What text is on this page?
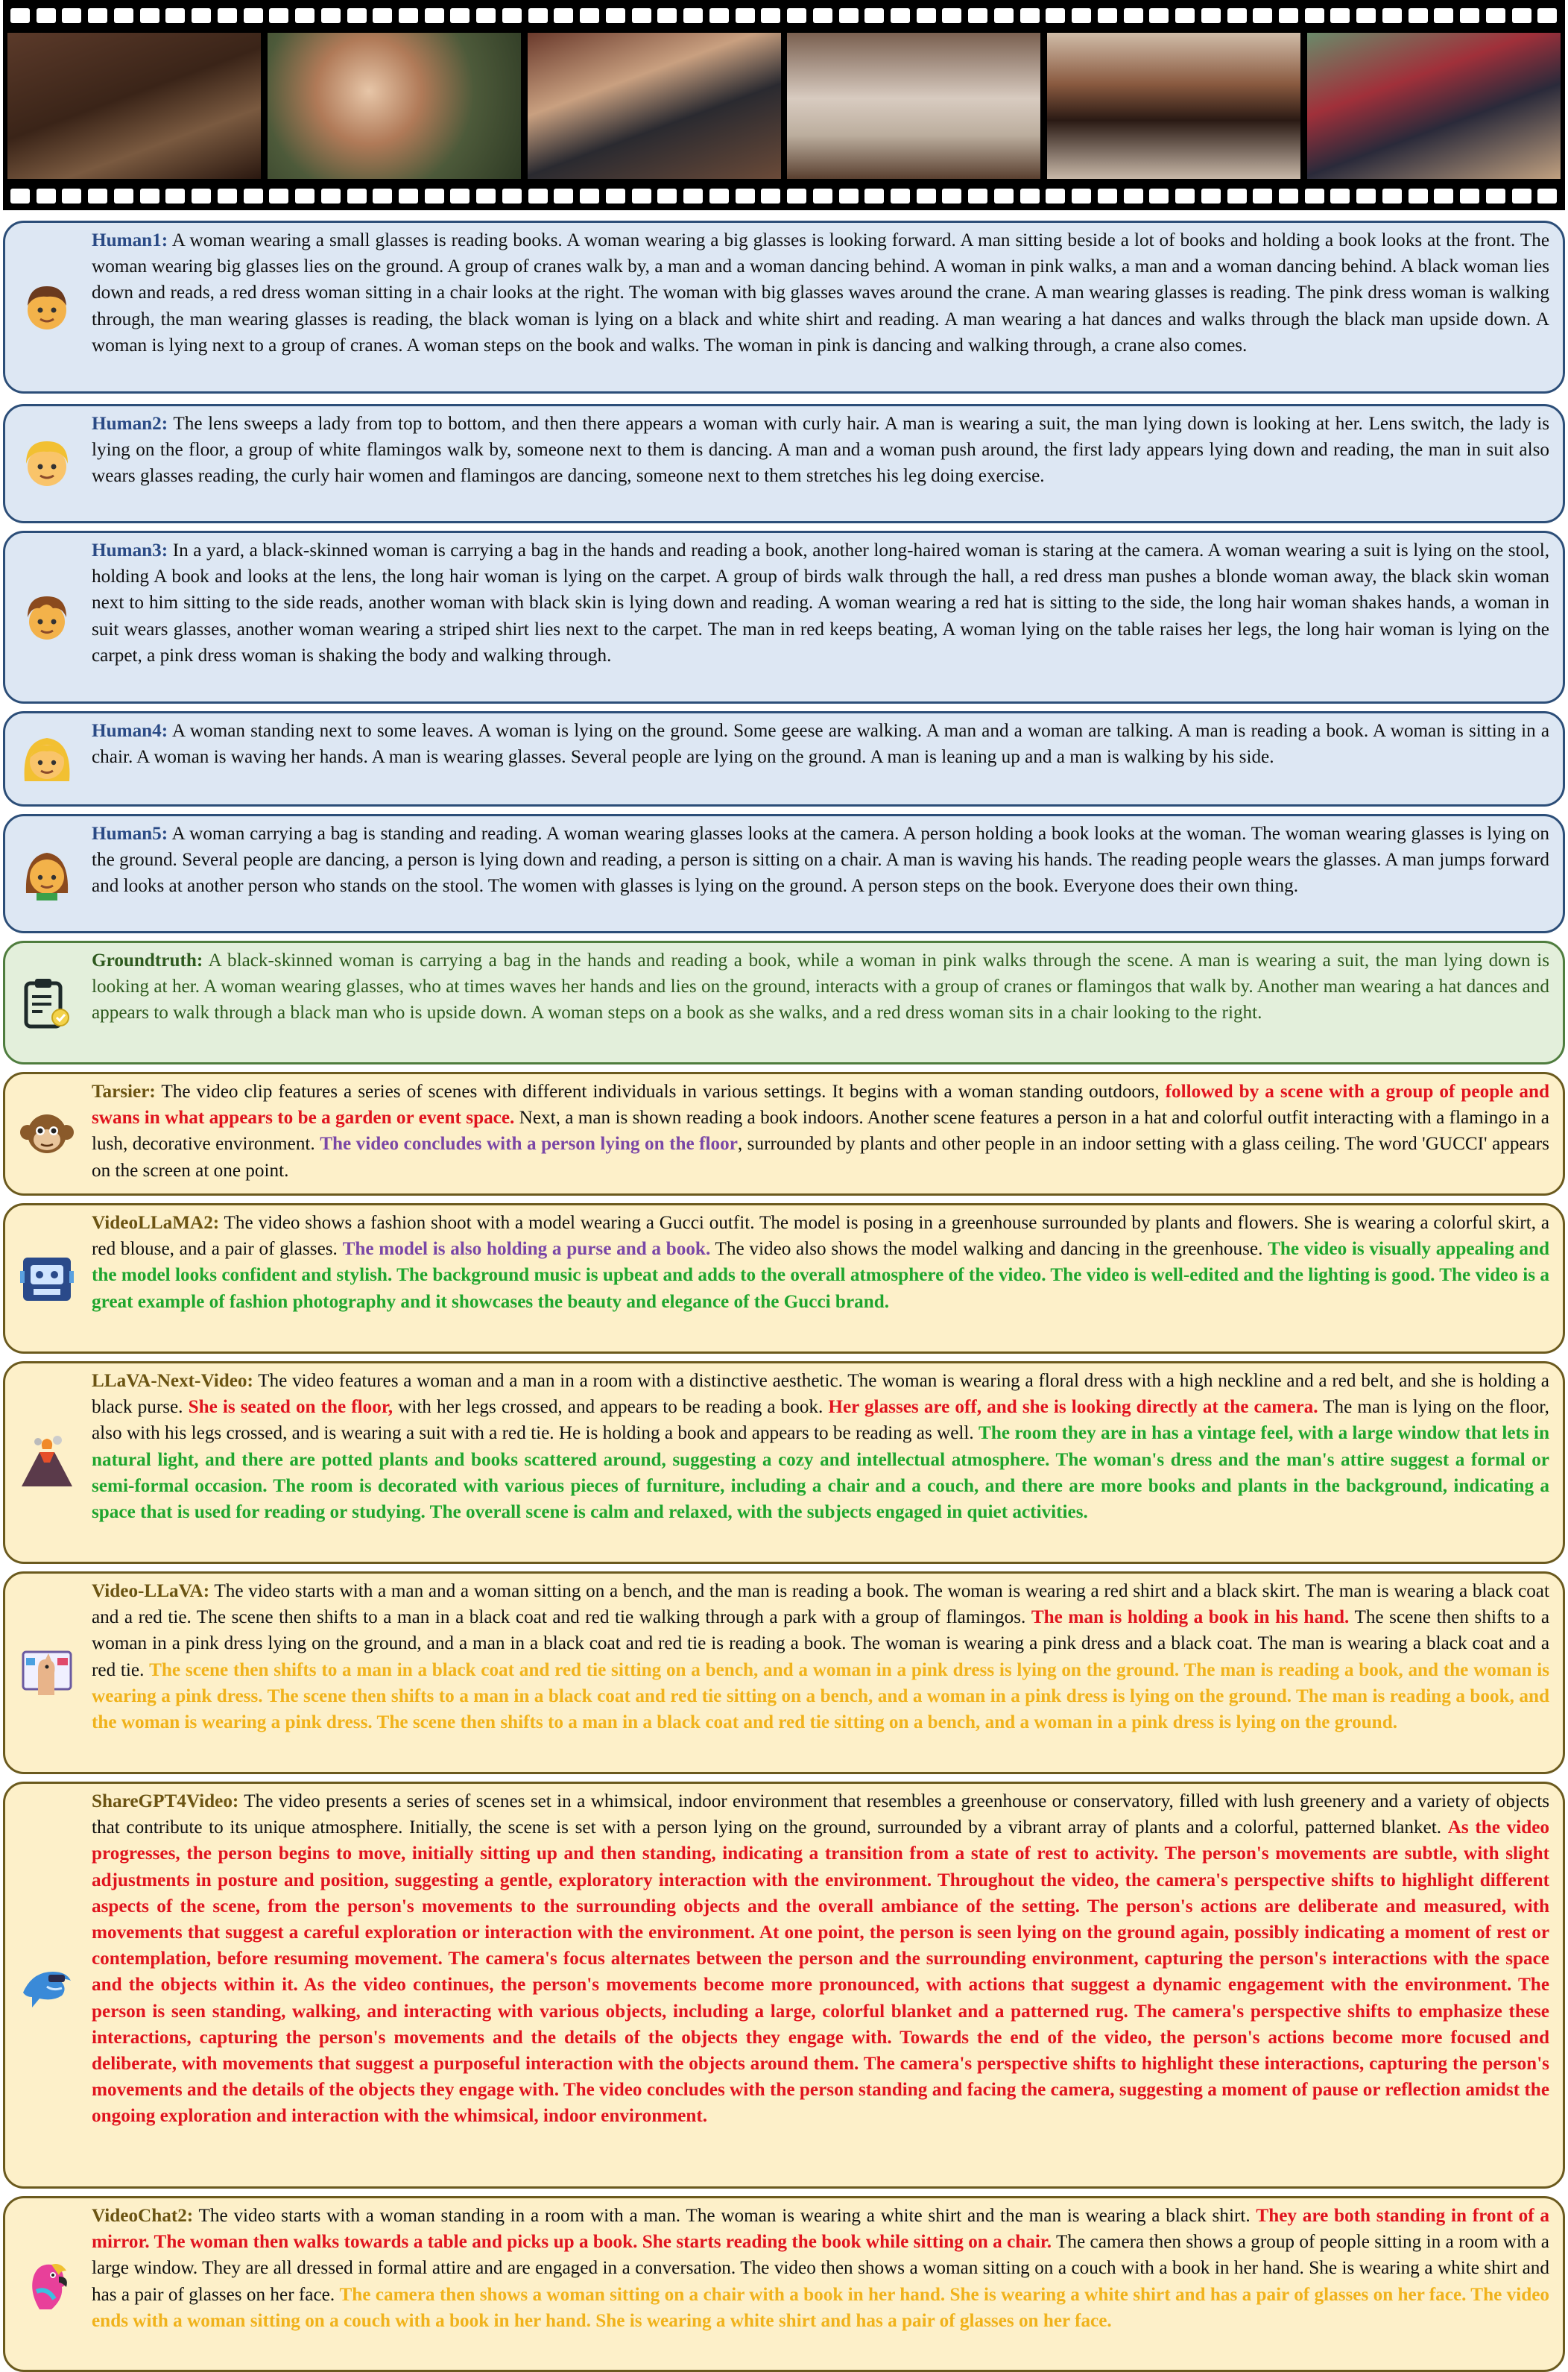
Human1: A woman wearing a small glasses is reading books. A woman wearing a big glasses is looking forward. A man sitting beside a lot of books and holding a book looks at the front. The woman wearing big glasses lies on the ground. A group of cranes walk by, a man and a woman dancing behind. A woman in pink walks, a man and a woman dancing behind. A black woman lies down and reads, a red dress woman sitting in a chair looks at the right. The woman with big glasses waves around the crane. A man wearing glasses is reading. The pink dress woman is walking through, the man wearing glasses is reading, the black woman is lying on a black and white shirt and reading. A man wearing a hat dances and walks through the black man upside down. A woman is lying next to a group of cranes. A woman steps on the book and walks. The woman in pink is dancing and walking through, a crane also comes.
Human2: The lens sweeps a lady from top to bottom, and then there appears a woman with curly hair. A man is wearing a suit, the man lying down is looking at her. Lens switch, the lady is lying on the floor, a group of white flamingos walk by, someone next to them is dancing. A man and a woman push around, the first lady appears lying down and reading, the man in suit also wears glasses reading, the curly hair women and flamingos are dancing, someone next to them stretches his leg doing exercise.
Human3: In a yard, a black-skinned woman is carrying a bag in the hands and reading a book, another long-haired woman is staring at the camera. A woman wearing a suit is lying on the stool, holding A book and looks at the lens, the long hair woman is lying on the carpet. A group of birds walk through the hall, a red dress man pushes a blonde woman away, the black skin woman next to him sitting to the side reads, another woman with black skin is lying down and reading. A woman wearing a red hat is sitting to the side, the long hair woman shakes hands, a woman in suit wears glasses, another woman wearing a striped shirt lies next to the carpet. The man in red keeps beating, A woman lying on the table raises her legs, the long hair woman is lying on the carpet, a pink dress woman is shaking the body and walking through.
Human4: A woman standing next to some leaves. A woman is lying on the ground. Some geese are walking. A man and a woman are talking. A man is reading a book. A woman is sitting in a chair. A woman is waving her hands. A man is wearing glasses. Several people are lying on the ground. A man is leaning up and a man is walking by his side.
Human5: A woman carrying a bag is standing and reading. A woman wearing glasses looks at the camera. A person holding a book looks at the woman. The woman wearing glasses is lying on the ground. Several people are dancing, a person is lying down and reading, a person is sitting on a chair. A man is waving his hands. The reading people wears the glasses. A man jumps forward and looks at another person who stands on the stool. The women with glasses is lying on the ground. A person steps on the book. Everyone does their own thing.
Groundtruth: A black-skinned woman is carrying a bag in the hands and reading a book, while a woman in pink walks through the scene. A man is wearing a suit, the man lying down is looking at her. A woman wearing glasses, who at times waves her hands and lies on the ground, interacts with a group of cranes or flamingos that walk by. Another man wearing a hat dances and appears to walk through a black man who is upside down. A woman steps on a book as she walks, and a red dress woman sits in a chair looking to the right.
Tarsier: The video clip features a series of scenes with different individuals in various settings. It begins with a woman standing outdoors, followed by a scene with a group of people and swans in what appears to be a garden or event space. Next, a man is shown reading a book indoors. Another scene features a person in a hat and colorful outfit interacting with a flamingo in a lush, decorative environment. The video concludes with a person lying on the floor, surrounded by plants and other people in an indoor setting with a glass ceiling. The word 'GUCCI' appears on the screen at one point.
VideoLLaMA2: The video shows a fashion shoot with a model wearing a Gucci outfit. The model is posing in a greenhouse surrounded by plants and flowers. She is wearing a colorful skirt, a red blouse, and a pair of glasses. The model is also holding a purse and a book. The video also shows the model walking and dancing in the greenhouse. The video is visually appealing and the model looks confident and stylish. The background music is upbeat and adds to the overall atmosphere of the video. The video is well-edited and the lighting is good. The video is a great example of fashion photography and it showcases the beauty and elegance of the Gucci brand.
LLaVA-Next-Video: The video features a woman and a man in a room with a distinctive aesthetic. The woman is wearing a floral dress with a high neckline and a red belt, and she is holding a black purse. She is seated on the floor, with her legs crossed, and appears to be reading a book. Her glasses are off, and she is looking directly at the camera. The man is lying on the floor, also with his legs crossed, and is wearing a suit with a red tie. He is holding a book and appears to be reading as well. The room they are in has a vintage feel, with a large window that lets in natural light, and there are potted plants and books scattered around, suggesting a cozy and intellectual atmosphere. The woman's dress and the man's attire suggest a formal or semi-formal occasion. The room is decorated with various pieces of furniture, including a chair and a couch, and there are more books and plants in the background, indicating a space that is used for reading or studying. The overall scene is calm and relaxed, with the subjects engaged in quiet activities.
Video-LLaVA: The video starts with a man and a woman sitting on a bench, and the man is reading a book. The woman is wearing a red shirt and a black skirt. The man is wearing a black coat and a red tie. The scene then shifts to a man in a black coat and red tie walking through a park with a group of flamingos. The man is holding a book in his hand. The scene then shifts to a woman in a pink dress lying on the ground, and a man in a black coat and red tie is reading a book. The woman is wearing a pink dress and a black coat. The man is wearing a black coat and a red tie. The scene then shifts to a man in a black coat and red tie sitting on a bench, and a woman in a pink dress is lying on the ground. The man is reading a book, and the woman is wearing a pink dress. The scene then shifts to a man in a black coat and red tie sitting on a bench, and a woman in a pink dress is lying on the ground. The man is reading a book, and the woman is wearing a pink dress. The scene then shifts to a man in a black coat and red tie sitting on a bench, and a woman in a pink dress is lying on the ground.
ShareGPT4Video: The video presents a series of scenes set in a whimsical, indoor environment that resembles a greenhouse or conservatory, filled with lush greenery and a variety of objects that contribute to its unique atmosphere. Initially, the scene is set with a person lying on the ground, surrounded by a vibrant array of plants and a colorful, patterned blanket. As the video progresses, the person begins to move, initially sitting up and then standing, indicating a transition from a state of rest to activity. The person's movements are subtle, with slight adjustments in posture and position, suggesting a gentle, exploratory interaction with the environment. Throughout the video, the camera's perspective shifts to highlight different aspects of the scene, from the person's movements to the surrounding objects and the overall ambiance of the setting. The person's actions are deliberate and measured, with movements that suggest a careful exploration or interaction with the environment. At one point, the person is seen lying on the ground again, possibly indicating a moment of rest or contemplation, before resuming movement. The camera's focus alternates between the person and the surrounding environment, capturing the person's interactions with the space and the objects within it. As the video continues, the person's movements become more pronounced, with actions that suggest a dynamic engagement with the environment. The person is seen standing, walking, and interacting with various objects, including a large, colorful blanket and a patterned rug. The camera's perspective shifts to emphasize these interactions, capturing the person's movements and the details of the objects they engage with. Towards the end of the video, the person's actions become more focused and deliberate, with movements that suggest a purposeful interaction with the objects around them. The camera's perspective shifts to highlight these interactions, capturing the person's movements and the details of the objects they engage with. The video concludes with the person standing and facing the camera, suggesting a moment of pause or reflection amidst the ongoing exploration and interaction with the whimsical, indoor environment.
VideoChat2: The video starts with a woman standing in a room with a man. The woman is wearing a white shirt and the man is wearing a black shirt. They are both standing in front of a mirror. The woman then walks towards a table and picks up a book. She starts reading the book while sitting on a chair. The camera then shows a group of people sitting in a room with a large window. They are all dressed in formal attire and are engaged in a conversation. The video then shows a woman sitting on a couch with a book in her hand. She is wearing a white shirt and has a pair of glasses on her face. The camera then shows a woman sitting on a chair with a book in her hand. She is wearing a white shirt and has a pair of glasses on her face. The video ends with a woman sitting on a couch with a book in her hand. She is wearing a white shirt and has a pair of glasses on her face.
